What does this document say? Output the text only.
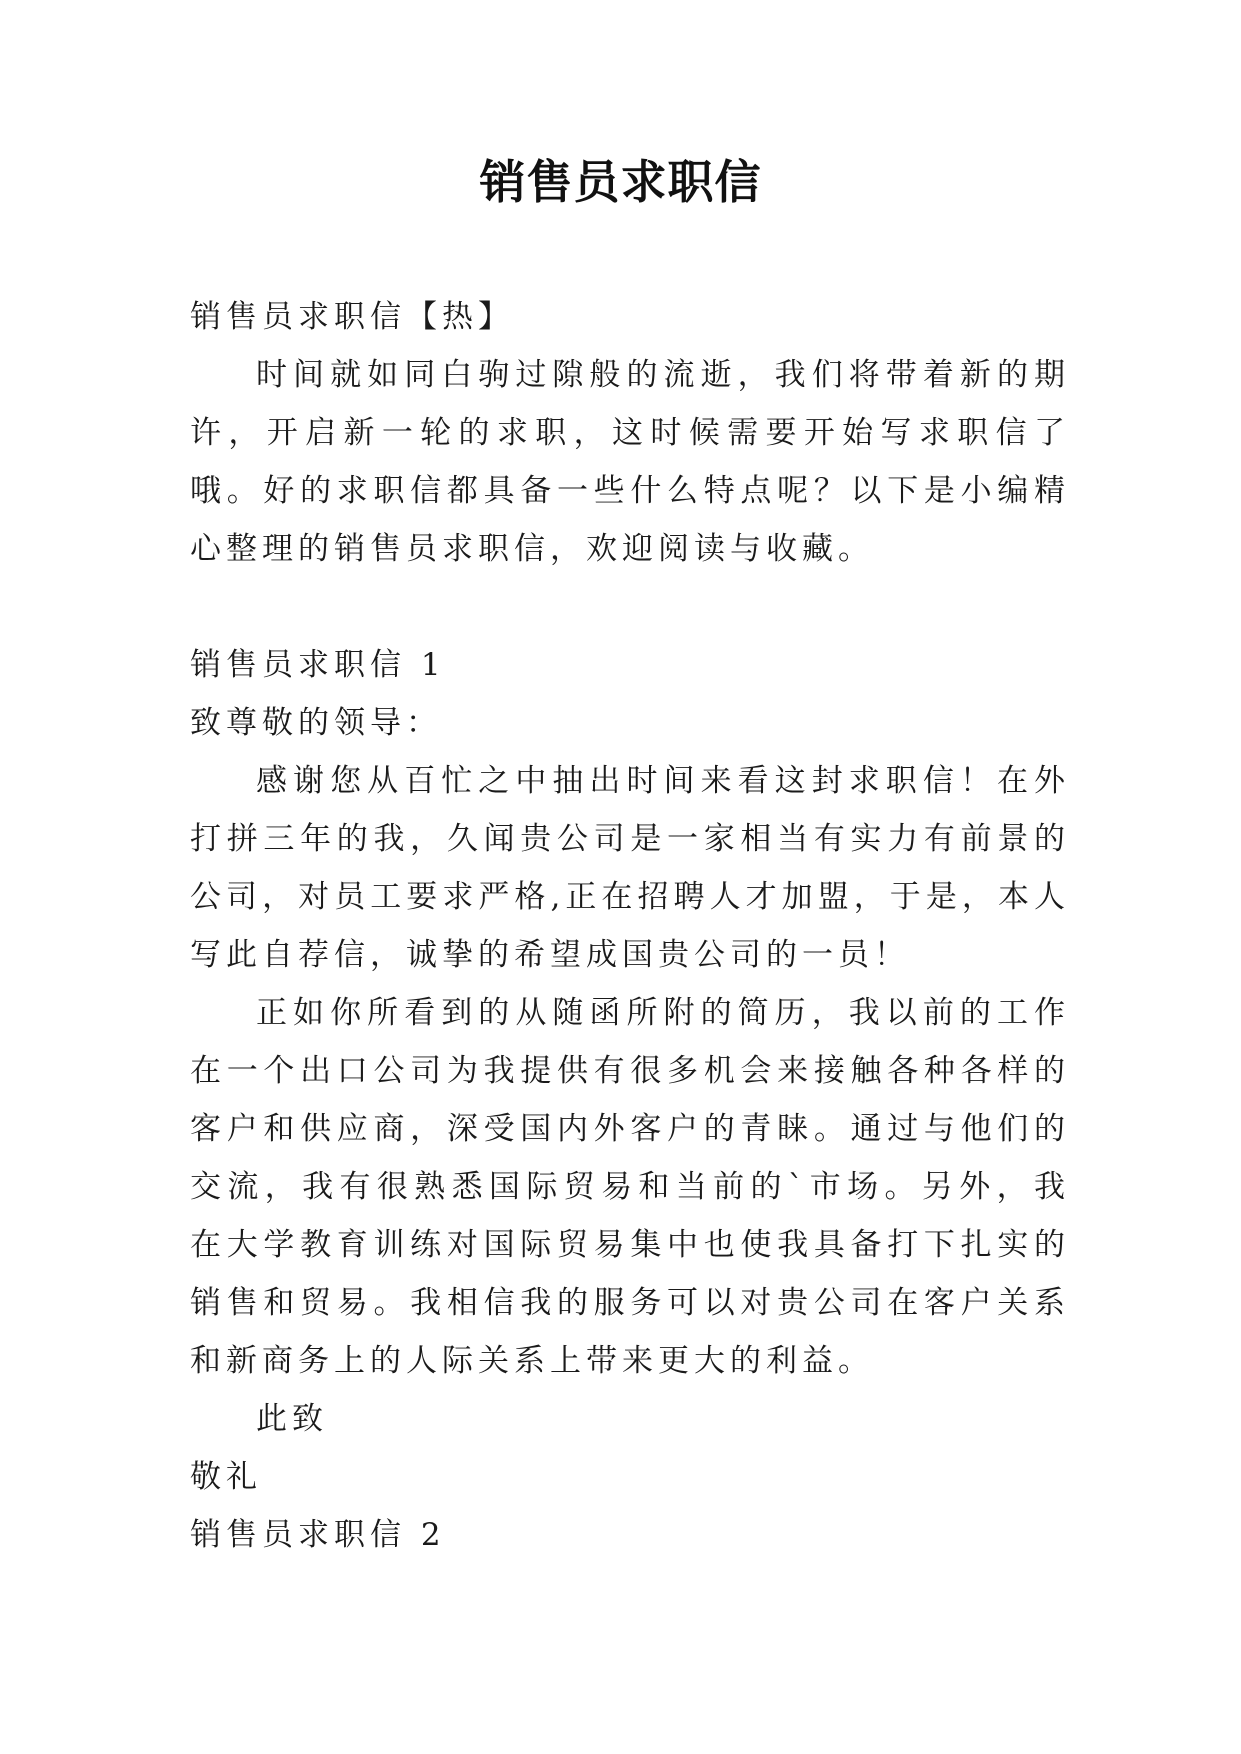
销售员求职信

销售员求职信【热】

时间就如同白驹过隙般的流逝，我们将带着新的期许，开启新一轮的求职，这时候需要开始写求职信了哦。好的求职信都具备一些什么特点呢？以下是小编精心整理的销售员求职信，欢迎阅读与收藏。

销售员求职信 1

致尊敬的领导：

感谢您从百忙之中抽出时间来看这封求职信！在外打拼三年的我，久闻贵公司是一家相当有实力有前景的公司，对员工要求严格,正在招聘人才加盟，于是，本人写此自荐信，诚挚的希望成国贵公司的一员！

正如你所看到的从随函所附的简历，我以前的工作在一个出口公司为我提供有很多机会来接触各种各样的客户和供应商，深受国内外客户的青睐。通过与他们的交流，我有很熟悉国际贸易和当前的`市场。另外，我在大学教育训练对国际贸易集中也使我具备打下扎实的销售和贸易。我相信我的服务可以对贵公司在客户关系和新商务上的人际关系上带来更大的利益。

此致

敬礼

销售员求职信 2
